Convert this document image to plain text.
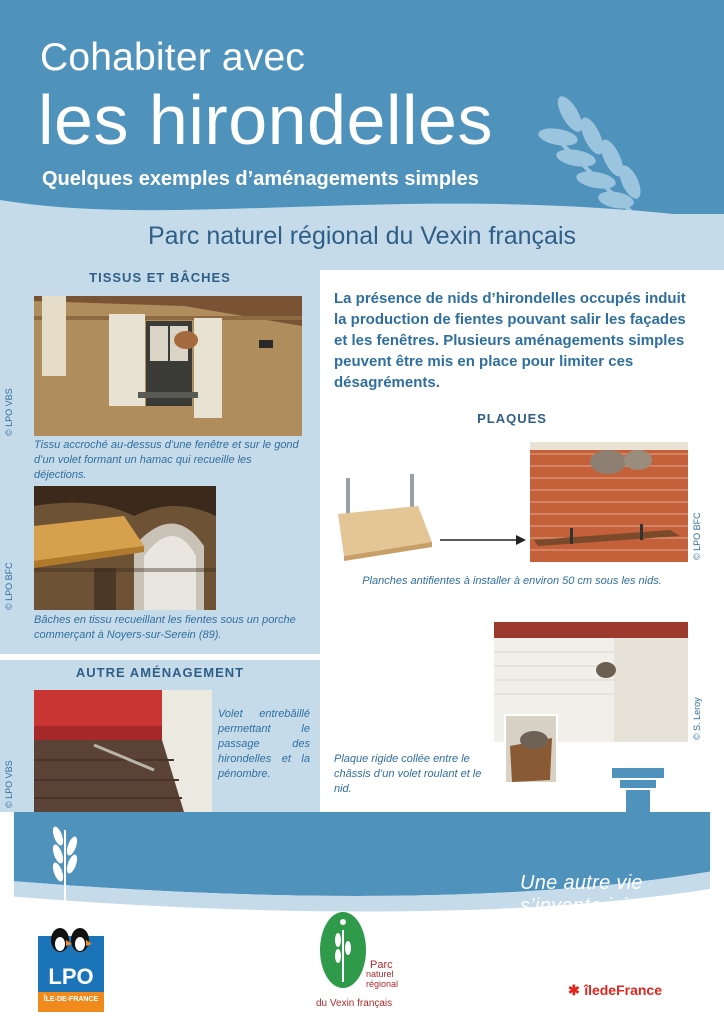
Cohabiter avec
les hirondelles
Quelques exemples d’aménagements simples
Parc naturel régional du Vexin français
TISSUS ET BÂCHES
© LPO VBS
Tissu accroché au-dessus d’une fenêtre et sur le gond d’un volet formant un hamac qui recueille les déjections.
© LPO BFC
Bâches en tissu recueillant les fientes sous un porche commerçant à Noyers-sur-Serein (89).
AUTRE AMÉNAGEMENT
© LPO VBS
Volet entrebâillé permettant le passage des hirondelles et la pénombre.
La présence de nids d’hirondelles occupés induit la production de fientes pouvant salir les façades et les fenêtres. Plusieurs aménagements simples peuvent être mis en place pour limiter ces désagréments.
PLAQUES
© LPO BFC
Planches antifientes à installer à environ 50 cm sous les nids.
© S. Leroy
Plaque rigide collée entre le châssis d’un volet roulant et le nid.
Une autre vie s’invente ici
LPO
ÎLE-DE-FRANCE
Parc
naturel
régional
du Vexin français
✱ îledeFrance
